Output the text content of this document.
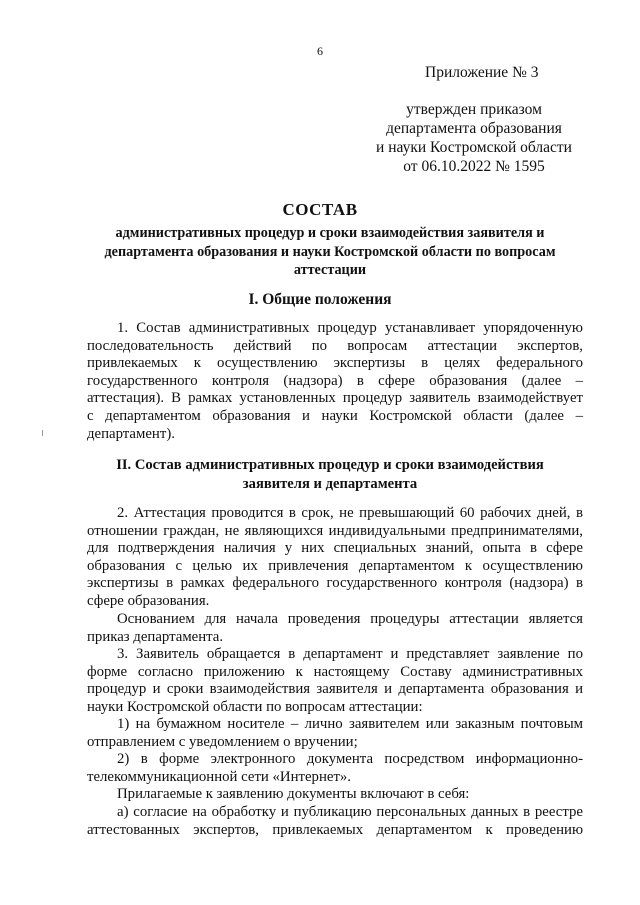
6
Приложение № 3
утвержден приказом
департамента образования
и науки Костромской области
от 06.10.2022 № 1595
СОСТАВ
административных процедур и сроки взаимодействия заявителя и
департамента образования и науки Костромской области по вопросам
аттестации
I. Общие положения
1. Состав административных процедур устанавливает упорядоченную
последовательность действий по вопросам аттестации экспертов,
привлекаемых к осуществлению экспертизы в целях федерального
государственного контроля (надзора) в сфере образования (далее –
аттестация). В рамках установленных процедур заявитель взаимодействует
с департаментом образования и науки Костромской области (далее –
департамент).
II. Состав административных процедур и сроки взаимодействия
заявителя и департамента
2. Аттестация проводится в срок, не превышающий 60 рабочих дней, в
отношении граждан, не являющихся индивидуальными предпринимателями,
для подтверждения наличия у них специальных знаний, опыта в сфере
образования с целью их привлечения департаментом к осуществлению
экспертизы в рамках федерального государственного контроля (надзора) в
сфере образования.
Основанием для начала проведения процедуры аттестации является
приказ департамента.
3. Заявитель обращается в департамент и представляет заявление по
форме согласно приложению к настоящему Составу административных
процедур и сроки взаимодействия заявителя и департамента образования и
науки Костромской области по вопросам аттестации:
1) на бумажном носителе – лично заявителем или заказным почтовым
отправлением с уведомлением о вручении;
2) в форме электронного документа посредством информационно-
телекоммуникационной сети «Интернет».
Прилагаемые к заявлению документы включают в себя:
а) согласие на обработку и публикацию персональных данных в реестре
аттестованных экспертов, привлекаемых департаментом к проведению
